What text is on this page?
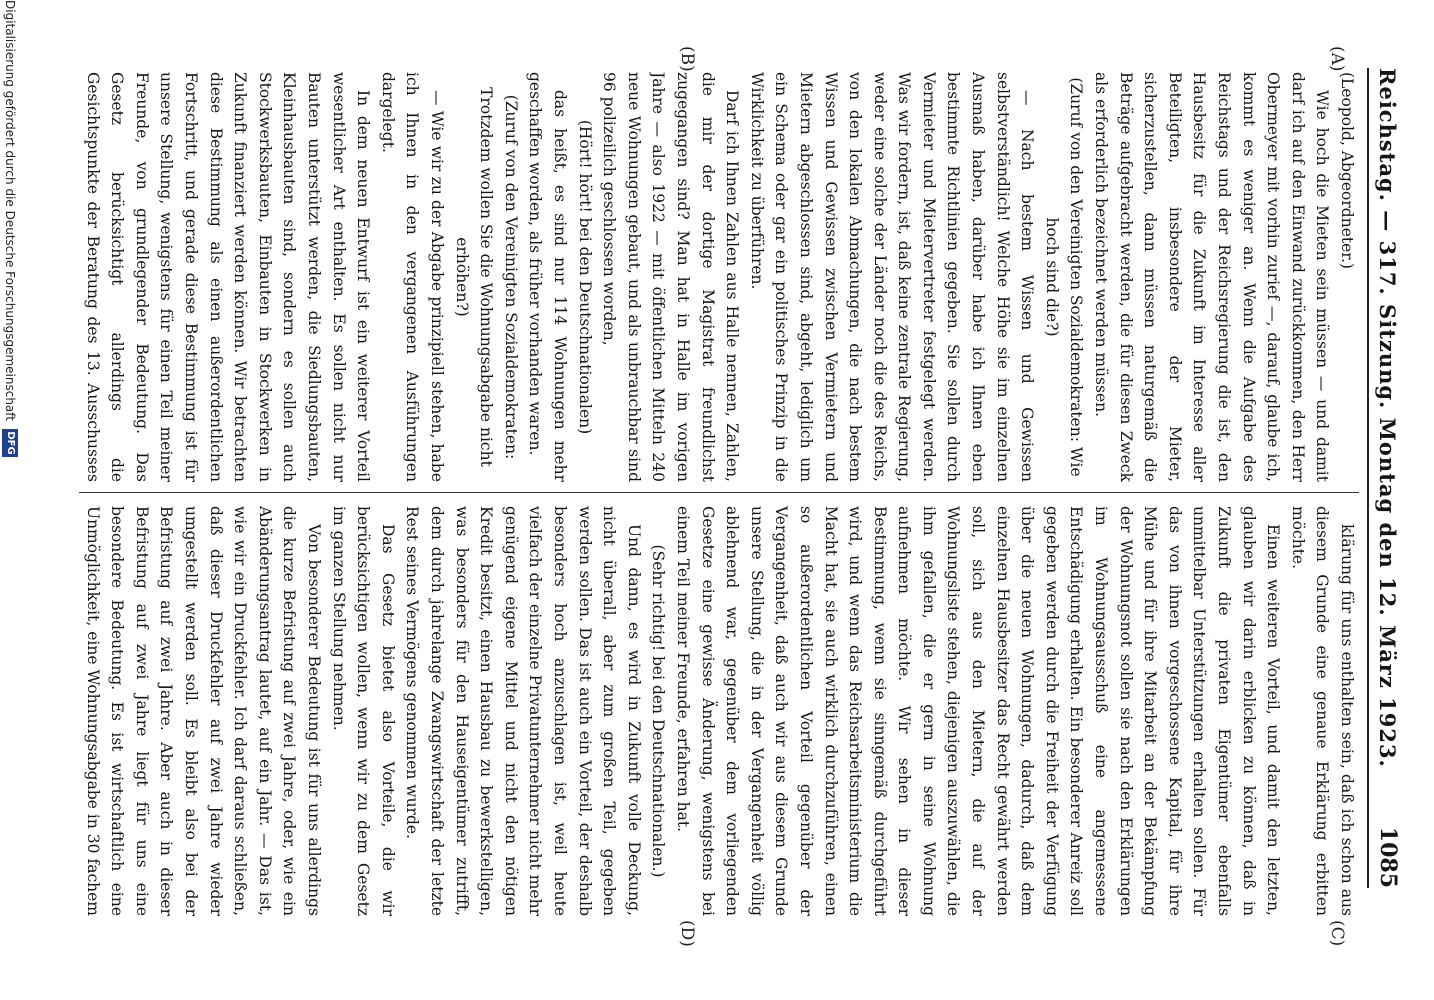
Reichstag. — 317. Sitzung. Montag den 12. März 1923.
1085
(A)
(B)
(C)
(D)

(Leopold, Abgeordneter.)

Wie hoch die Mieten sein müssen — und damit darf ich auf den Einwand zurückkommen, den Herr Obermeyer mit vorhin zurief —, darauf, glaube ich, kommt es weniger an. Wenn die Aufgabe des Reichstags und der Reichsregierung die ist, den Hausbesitz für die Zukunft im Interesse aller Beteiligten, insbesondere der Mieter, sicherzustellen, dann müssen naturgemäß die Beträge aufgebracht werden, die für diesen Zweck als erforderlich bezeichnet werden müssen.

(Zuruf von den Vereinigten Sozialdemokraten: Wie hoch sind die?)

— Nach bestem Wissen und Gewissen selbstverständlich! Welche Höhe sie im einzelnen Ausmaß haben, darüber habe ich Ihnen eben bestimmte Richtlinien gegeben. Sie sollen durch Vermieter und Mietervertreter festgelegt werden. Was wir fordern, ist, daß keine zentrale Regierung, weder eine solche der Länder noch die des Reichs, von den lokalen Abmachungen, die nach bestem Wissen und Gewissen zwischen Vermietern und Mietern abgeschlossen sind, abgeht, lediglich um ein Schema oder gar ein politisches Prinzip in die Wirklichkeit zu überführen.

Darf ich Ihnen Zahlen aus Halle nennen, Zahlen, die mir der dortige Magistrat freundlichst zugegangen sind? Man hat in Halle im vorigen Jahre — also 1922 — mit öffentlichen Mitteln 240 neue Wohnungen gebaut, und als unbrauchbar sind 96 polizeilich geschlossen worden,

(Hört! hört! bei den Deutschnationalen)

das heißt, es sind nur 114 Wohnungen mehr geschaffen worden, als früher vorhanden waren.

(Zuruf von den Vereinigten Sozialdemokraten: Trotzdem wollen Sie die Wohnungsabgabe nicht erhöhen?)

— Wie wir zu der Abgabe prinzipiell stehen, habe ich Ihnen in den vergangenen Ausführungen dargelegt.

In dem neuen Entwurf ist ein weiterer Vorteil wesentlicher Art enthalten. Es sollen nicht nur Bauten unterstützt werden, die Siedlungsbauten, Kleinhausbauten sind, sondern es sollen auch Stockwerksbauten, Einbauten in Stockwerken in Zukunft finanziert werden können. Wir betrachten diese Bestimmung als einen außerordentlichen Fortschritt, und gerade diese Bestimmung ist für unsere Stellung, wenigstens für einen Teil meiner Freunde, von grundlegender Bedeutung. Das Gesetz berücksichtigt allerdings die Gesichtspunkte der Beratung des 13. Ausschusses

klärung für uns enthalten sein, daß ich schon aus diesem Grunde eine genaue Erklärung erbitten möchte.

Einen weiteren Vorteil, und damit den letzten, glauben wir darin erblicken zu können, daß in Zukunft die privaten Eigentümer ebenfalls unmittelbar Unterstützungen erhalten sollen. Für das von ihnen vorgeschossene Kapital, für ihre Mühe und für ihre Mitarbeit an der Bekämpfung der Wohnungsnot sollen sie nach den Erklärungen im Wohnungsausschuß eine angemessene Entschädigung erhalten. Ein besonderer Anreiz soll gegeben werden durch die Freiheit der Verfügung über die neuen Wohnungen, dadurch, daß dem einzelnen Hausbesitzer das Recht gewährt werden soll, sich aus den Mietern, die auf der Wohnungsliste stehen, diejenigen auszuwählen, die ihm gefallen, die er gern in seine Wohnung aufnehmen möchte. Wir sehen in dieser Bestimmung, wenn sie sinngemäß durchgeführt wird, und wenn das Reichsarbeitsministerium die Macht hat, sie auch wirklich durchzuführen, einen so außerordentlichen Vorteil gegenüber der Vergangenheit, daß auch wir aus diesem Grunde unsere Stellung, die in der Vergangenheit völlig ablehnend war, gegenüber dem vorliegenden Gesetze eine gewisse Änderung, wenigstens bei einem Teil meiner Freunde, erfahren hat.

(Sehr richtig! bei den Deutschnationalen.)

Und dann, es wird in Zukunft volle Deckung, nicht überall, aber zum großen Teil, gegeben werden sollen. Das ist auch ein Vorteil, der deshalb besonders hoch anzuschlagen ist, weil heute vielfach der einzelne Privatunternehmer nicht mehr genügend eigene Mittel und nicht den nötigen Kredit besitzt, einen Hausbau zu bewerkstelligen, was besonders für den Hauseigentümer zutrifft, dem durch jahrelange Zwangswirtschaft der letzte Rest seines Vermögens genommen wurde.

Das Gesetz bietet also Vorteile, die wir berücksichtigen wollen, wenn wir zu dem Gesetz im ganzen Stellung nehmen.

Von besonderer Bedeutung ist für uns allerdings die kurze Befristung auf zwei Jahre, oder, wie ein Abänderungsantrag lautet, auf ein Jahr. — Das ist, wie wir ein Druckfehler. Ich darf daraus schließen, daß dieser Druckfehler auf zwei Jahre wieder umgestellt werden soll. Es bleibt also bei der Befristung auf zwei Jahre. Aber auch in dieser Befristung auf zwei Jahre liegt für uns eine besondere Bedeutung. Es ist wirtschaftlich eine Unmöglichkeit, eine Wohnungsabgabe in 30 fachem

Digitalisierung gefördert durch die Deutsche Forschungsgemeinschaft
DFG
